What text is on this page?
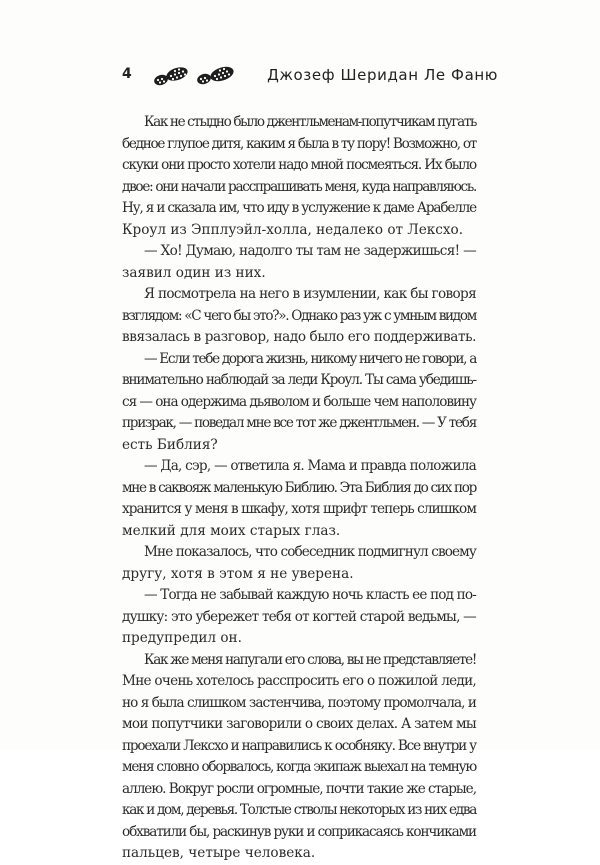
4	Джозеф Шеридан Ле Фаню

Как не стыдно было джентльменам-попутчикам пугать
бедное глупое дитя, каким я была в ту пору! Возможно, от
скуки они просто хотели надо мной посмеяться. Их было
двое: они начали расспрашивать меня, куда направляюсь.
Ну, я и сказала им, что иду в услужение к даме Арабелле
Кроул из Эпплуэйл-холла, недалеко от Лексхо.

— Хо! Думаю, надолго ты там не задержишься! —
заявил один из них.

Я посмотрела на него в изумлении, как бы говоря
взглядом: «С чего бы это?». Однако раз уж с умным видом
ввязалась в разговор, надо было его поддерживать.

— Если тебе дорога жизнь, никому ничего не говори, а
внимательно наблюдай за леди Кроул. Ты сама убедишь-
ся — она одержима дьяволом и больше чем наполовину
призрак, — поведал мне все тот же джентльмен. — У тебя
есть Библия?

— Да, сэр, — ответила я. Мама и правда положила
мне в саквояж маленькую Библию. Эта Библия до сих пор
хранится у меня в шкафу, хотя шрифт теперь слишком
мелкий для моих старых глаз.

Мне показалось, что собеседник подмигнул своему
другу, хотя в этом я не уверена.

— Тогда не забывай каждую ночь класть ее под по-
душку: это убережет тебя от когтей старой ведьмы, —
предупредил он.

Как же меня напугали его слова, вы не представляете!
Мне очень хотелось расспросить его о пожилой леди,
но я была слишком застенчива, поэтому промолчала, и
мои попутчики заговорили о своих делах. А затем мы
проехали Лексхо и направились к особняку. Все внутри у
меня словно оборвалось, когда экипаж выехал на темную
аллею. Вокруг росли огромные, почти такие же старые,
как и дом, деревья. Толстые стволы некоторых из них едва
обхватили бы, раскинув руки и соприкасаясь кончиками
пальцев, четыре человека.
